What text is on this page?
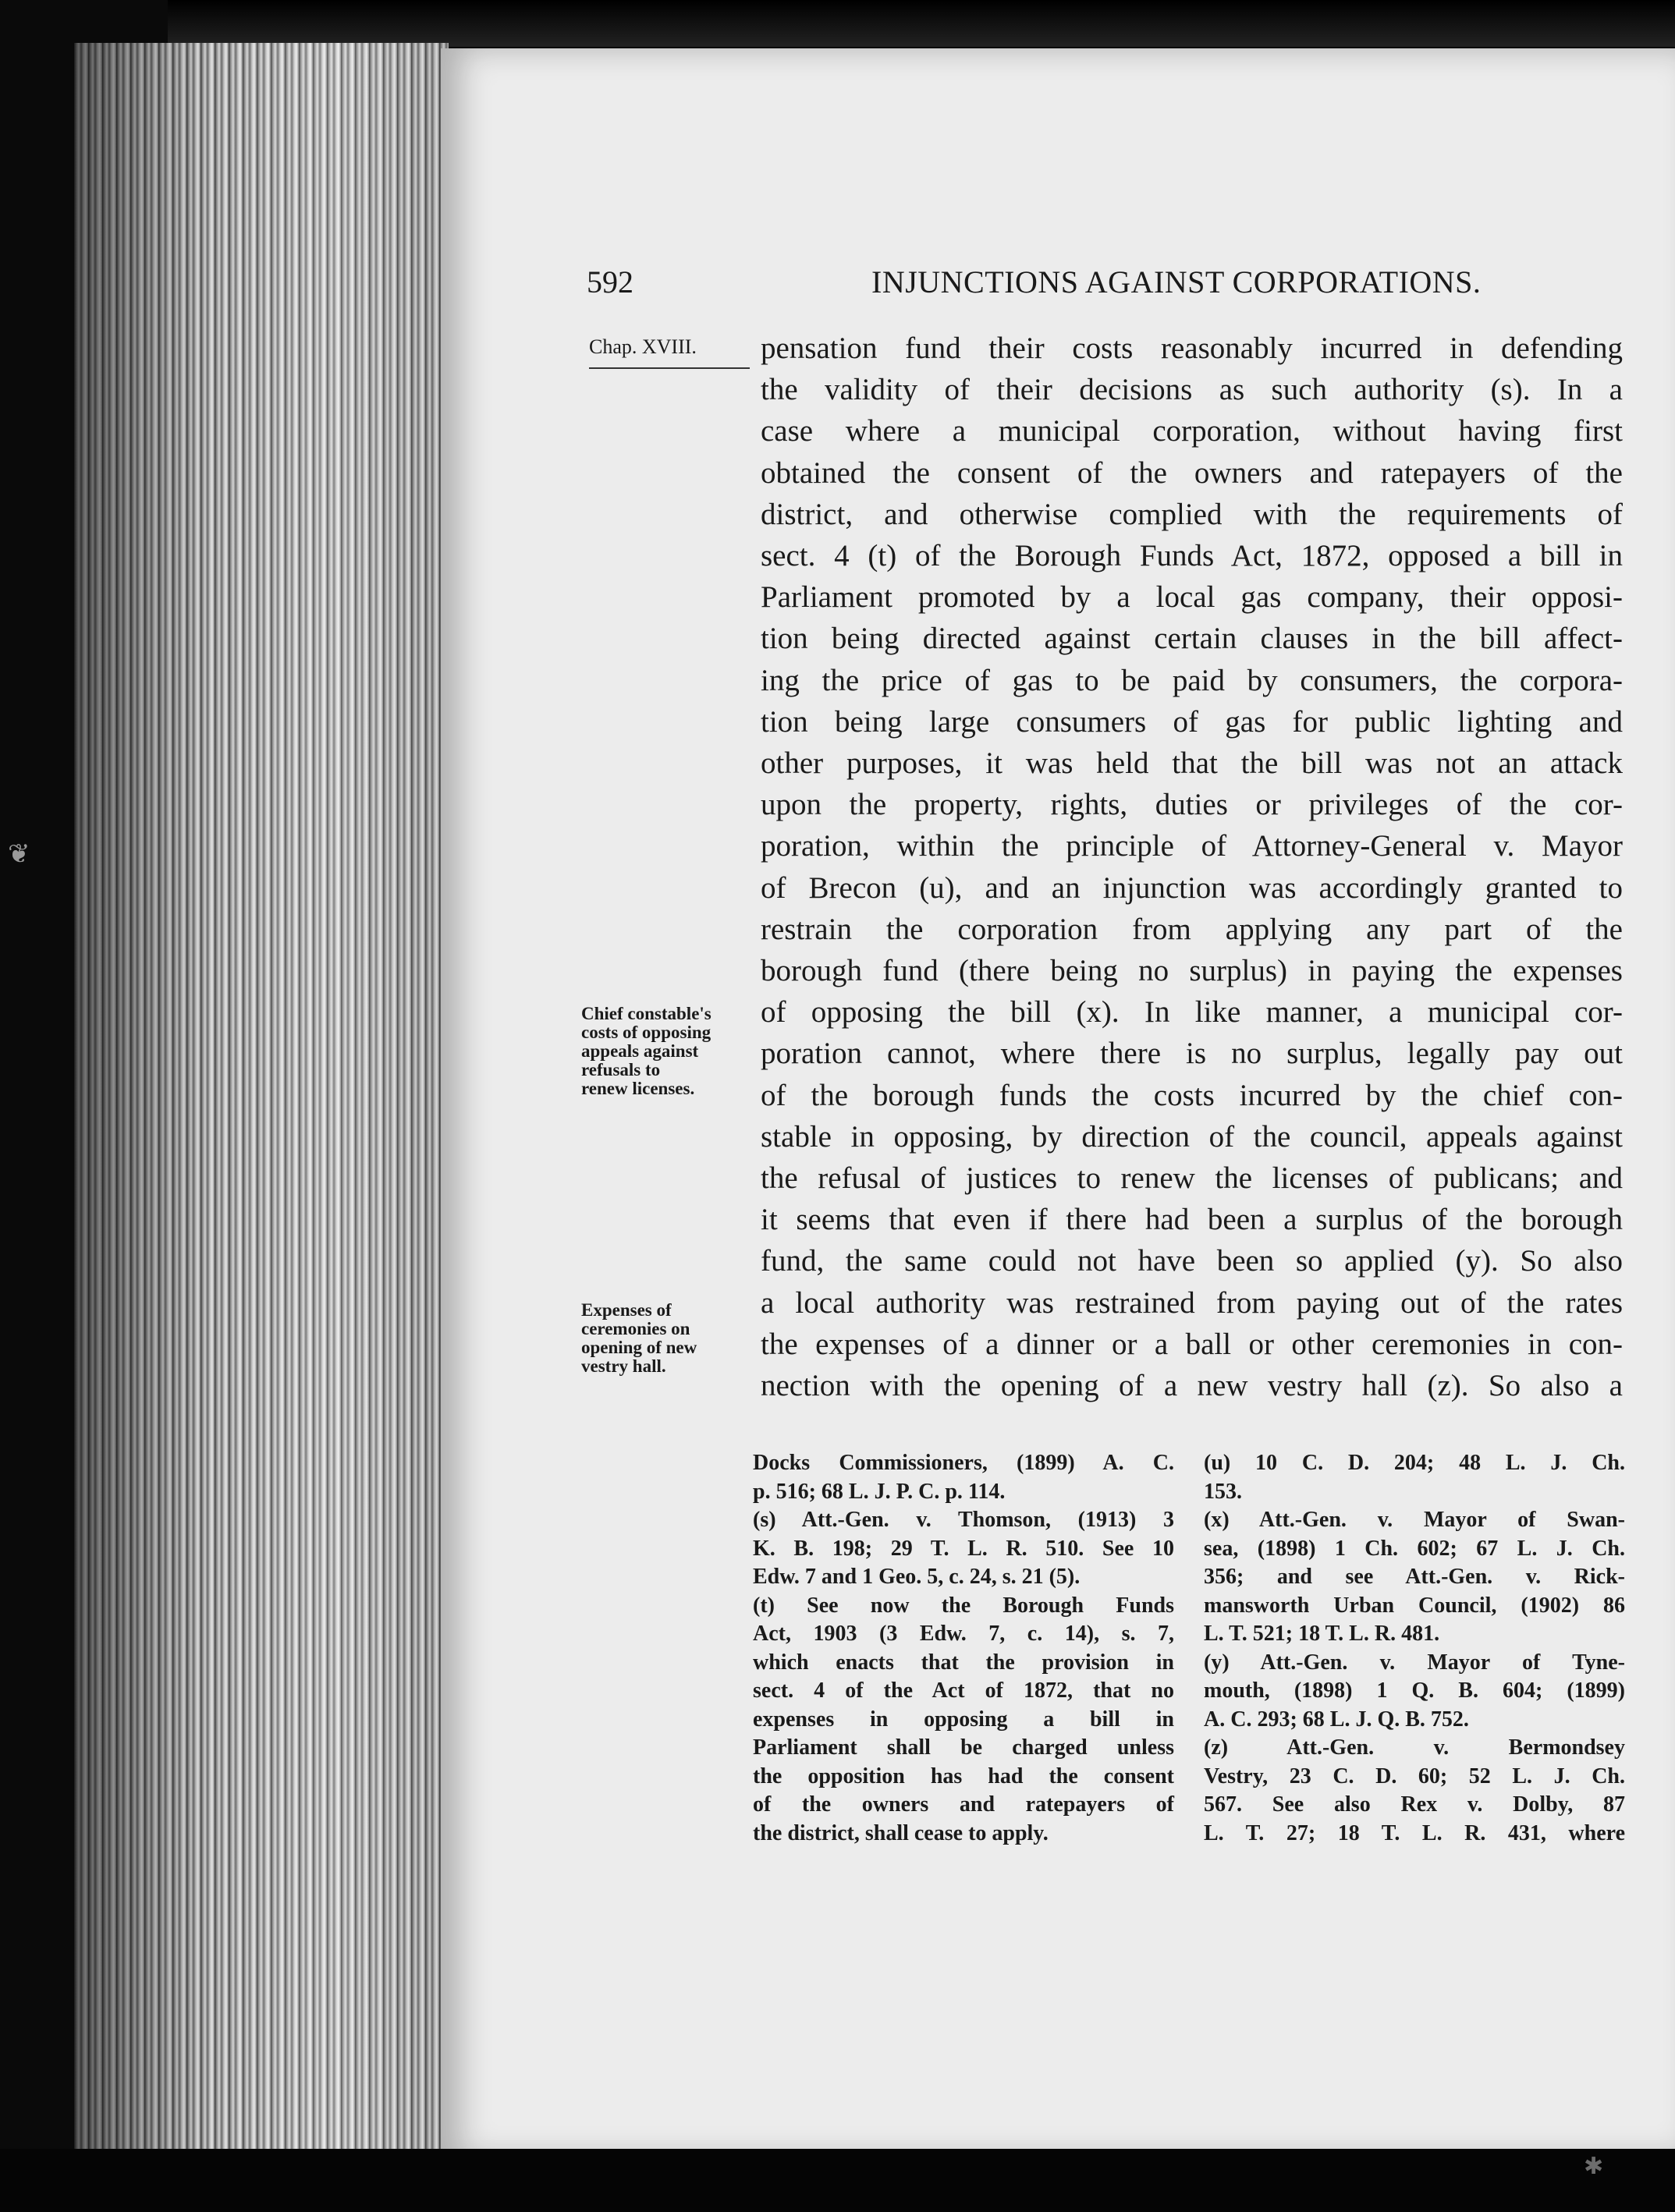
❦
✱
592	INJUNCTIONS AGAINST CORPORATIONS.
Chap. XVIII.	pensation fund their costs reasonably incurred in defending
the validity of their decisions as such authority (s). In a
case where a municipal corporation, without having first
obtained the consent of the owners and ratepayers of the
district, and otherwise complied with the requirements of
sect. 4 (t) of the Borough Funds Act, 1872, opposed a bill in
Parliament promoted by a local gas company, their opposi-
tion being directed against certain clauses in the bill affect-
ing the price of gas to be paid by consumers, the corpora-
tion being large consumers of gas for public lighting and
other purposes, it was held that the bill was not an attack
upon the property, rights, duties or privileges of the cor-
poration, within the principle of Attorney-General v. Mayor
of Brecon (u), and an injunction was accordingly granted to
restrain the corporation from applying any part of the
borough fund (there being no surplus) in paying the expenses
of opposing the bill (x). In like manner, a municipal cor-
poration cannot, where there is no surplus, legally pay out
of the borough funds the costs incurred by the chief con-
stable in opposing, by direction of the council, appeals against
the refusal of justices to renew the licenses of publicans; and
it seems that even if there had been a surplus of the borough
fund, the same could not have been so applied (y). So also
a local authority was restrained from paying out of the rates
the expenses of a dinner or a ball or other ceremonies in con-
nection with the opening of a new vestry hall (z). So also a
Chief constable's
costs of opposing
appeals against
refusals to
renew licenses.
Expenses of
ceremonies on
opening of new
vestry hall.
Docks Commissioners, (1899) A. C.
p. 516; 68 L. J. P. C. p. 114.
(s) Att.-Gen. v. Thomson, (1913) 3
K. B. 198; 29 T. L. R. 510. See 10
Edw. 7 and 1 Geo. 5, c. 24, s. 21 (5).
(t) See now the Borough Funds
Act, 1903 (3 Edw. 7, c. 14), s. 7,
which enacts that the provision in
sect. 4 of the Act of 1872, that no
expenses in opposing a bill in
Parliament shall be charged unless
the opposition has had the consent
of the owners and ratepayers of
the district, shall cease to apply.
(u) 10 C. D. 204; 48 L. J. Ch.
153.
(x) Att.-Gen. v. Mayor of Swan-
sea, (1898) 1 Ch. 602; 67 L. J. Ch.
356; and see Att.-Gen. v. Rick-
mansworth Urban Council, (1902) 86
L. T. 521; 18 T. L. R. 481.
(y) Att.-Gen. v. Mayor of Tyne-
mouth, (1898) 1 Q. B. 604; (1899)
A. C. 293; 68 L. J. Q. B. 752.
(z) Att.-Gen. v. Bermondsey
Vestry, 23 C. D. 60; 52 L. J. Ch.
567. See also Rex v. Dolby, 87
L. T. 27; 18 T. L. R. 431, where
